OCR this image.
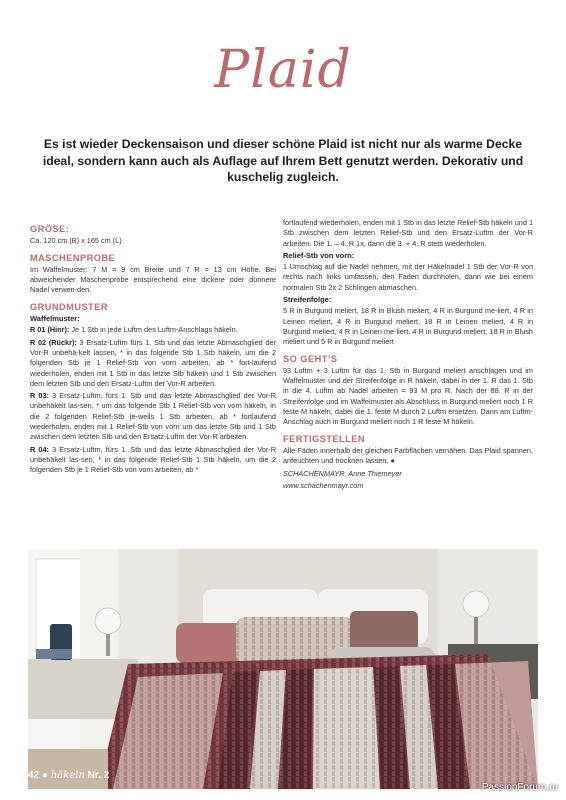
Plaid
Es ist wieder Deckensaison und dieser schöne Plaid ist nicht nur als warme Decke ideal, sondern kann auch als Auflage auf Ihrem Bett genutzt werden. Dekorativ und kuschelig zugleich.
GRÖSE:

Ca. 120 cm (B) x 165 cm (L)

MASCHENPROBE

Im Waffelmuster: 7 M = 9 cm Breite und 7 R = 13 cm Höhe. Bei abweichender Maschenprobe entsprechend eine dickere oder dünnere Nadel verwen-den.

GRUNDMUSTER
Waffelmuster:

R 01 (Hinr): Je 1 Stb in jede Luftm des Luftm-Anschlags häkeln.

R 02 (Rückr): 3 Ersatz-Luftm fürs 1. Stb und das letzte Abmaschglied der Vor-R unbehä-kelt lassen, * in das folgende Stb 1 Stb häkeln, um die 2 folgenden Stb je 1 Relief-Stb von vorn arbeiten, ab * fort-laufend wiederholen, enden mit 1 Stb in das letzte Stb häkeln und 1 Stb zwischen dem letzten Stb und den Ersatz-Luftm der Vor-R arbeiten.

R 03: 3 Ersatz-Luftm, fürs 1. Stb und das letzte Abmaschglied der Vor-R unbehäkelt las-sen, * um das folgende Stb 1 Relief-Stb von vorn häkeln, in die 2 folgenden Relief-Stb je-weils 1 Stb arbeiten, ab * fortlaufend wiederholen, enden mit 1 Relief-Stb von vorn um das letzte Stb und 1 Stb zwischen dem letzten Stb und den Ersatz-Luftm der Vor-R arbeiten.

R 04: 3 Ersatz-Luftm, fürs 1. Stb und das letzte Abmaschglied der Vor-R unbehäkelt las-sen, * in das folgende Relief-Stb 1 Stb häkeln, um die 2 folgenden Stb je 1 Relief-Stb von vorn arbeiten, ab *

fortlaufend wiederholen, enden mit 1 Stb in das letzte Relief-Stb häkeln und 1 Stb zwischen dem letzten Relief-Stb und den Ersatz-Luftm der Vor-R arbeiten. Die 1. – 4. R 1x, dann die 3. + 4. R stets wiederholen.

Relief-Stb von vorn:

1 Umschlag auf die Nadel nehmen, mit der Häkelnadel 1 Stb der Vor-R von rechts nach links umfassen, den Faden durchholen, dann wie bei einem normalen Stb 2x 2 Schlingen abmaschen.

Streifenfolge:

5 R in Burgund meliert, 18 R in Blush meliert, 4 R in Burgund me-liert, 4 R in Leinen meliert, 4 R in Burgund meliert, 18 R in Leinen meliert, 4 R in Burgund meliert, 4 R in Leinen me-liert, 4 R in Burgund meliert, 18 R in Blush meliert und 5 R in Burgund meliert

SO GEHT’S

93 Luftm + 3 Luftm für das 1. Stb in Burgund meliert anschlagen und im Waffelmuster und der Streifenfolge in R häkeln, dabei in der 1. R das 1. Stb in die 4. Luftm ab Nadel arbeiten = 93 M pro R. Nach der 88. R in der Streifenfolge und im Waffelmuster als Abschluss in Burgund meliert noch 1 R feste M häkeln, dabei die 1. feste M durch 2 Luftm ersetzen. Dann am Luftm-Anschlag auch in Burgund meliert noch 1 R feste M häkeln.

FERTIGSTELLEN

Alle Fäden innerhalb der gleichen Farbflächen vernähen. Das Plaid spannen, anfeuchten und trocknen lassen. ●

SCHACHENMAYR, Anne Thiemeyer

www.schachenmayr.com

42 ● häkeln Nr. 2
PassionForum.ru
